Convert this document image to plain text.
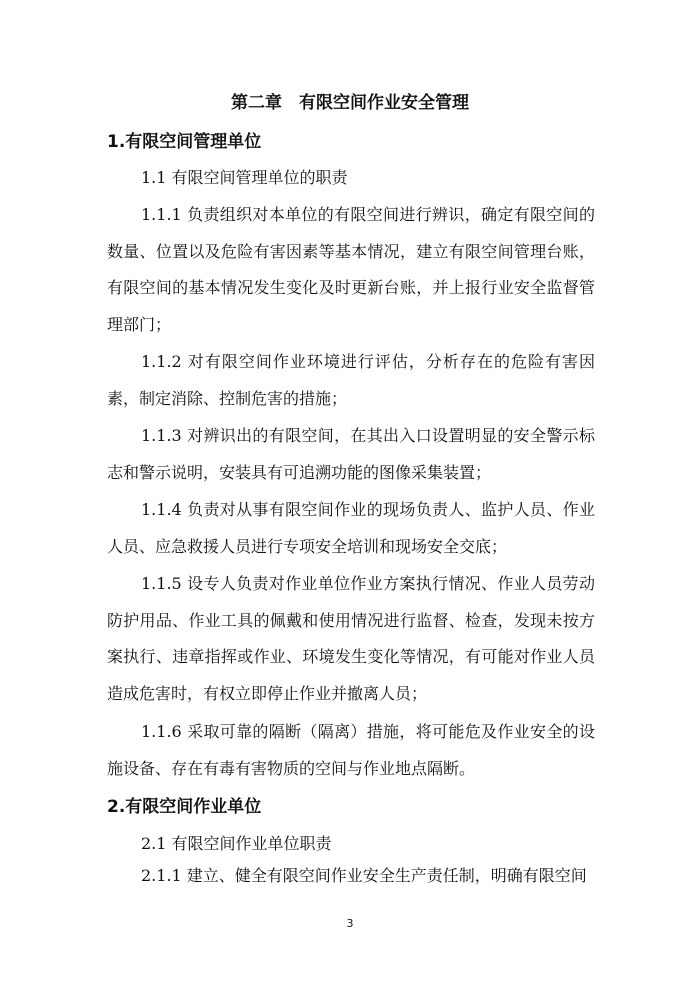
第二章　有限空间作业安全管理

1.有限空间管理单位

1.1 有限空间管理单位的职责

1.1.1 负责组织对本单位的有限空间进行辨识，确定有限空间的数量、位置以及危险有害因素等基本情况，建立有限空间管理台账，有限空间的基本情况发生变化及时更新台账，并上报行业安全监督管理部门；

1.1.2 对有限空间作业环境进行评估，分析存在的危险有害因素，制定消除、控制危害的措施；

1.1.3 对辨识出的有限空间，在其出入口设置明显的安全警示标志和警示说明，安装具有可追溯功能的图像采集装置；

1.1.4 负责对从事有限空间作业的现场负责人、监护人员、作业人员、应急救援人员进行专项安全培训和现场安全交底；

1.1.5 设专人负责对作业单位作业方案执行情况、作业人员劳动防护用品、作业工具的佩戴和使用情况进行监督、检查，发现未按方案执行、违章指挥或作业、环境发生变化等情况，有可能对作业人员造成危害时，有权立即停止作业并撤离人员；

1.1.6 采取可靠的隔断（隔离）措施，将可能危及作业安全的设施设备、存在有毒有害物质的空间与作业地点隔断。

2.有限空间作业单位

2.1 有限空间作业单位职责

2.1.1 建立、健全有限空间作业安全生产责任制，明确有限空间

3
